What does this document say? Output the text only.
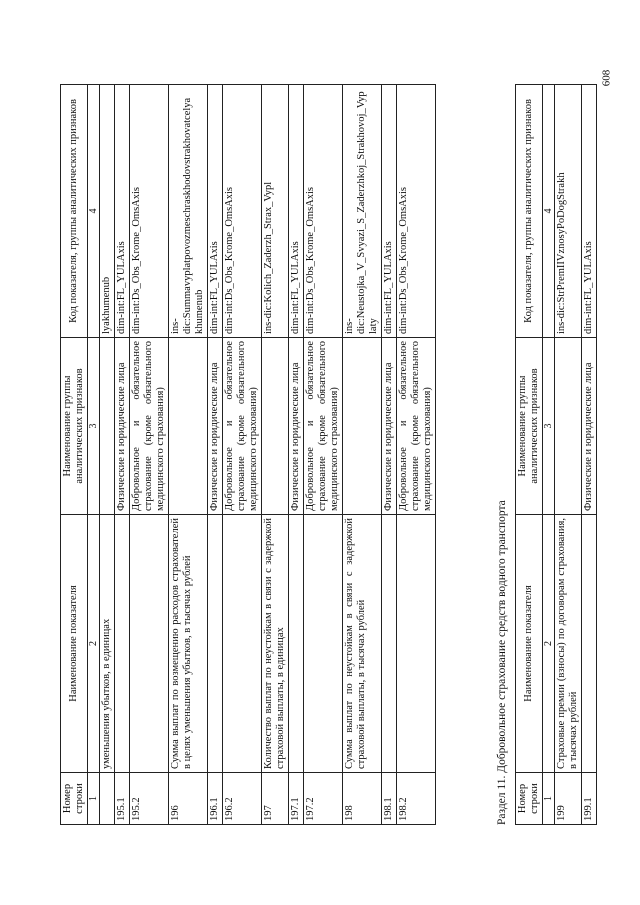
Номер строки	Наименование показателя	Наименование группы аналитических признаков	Код показателя, группы аналитических признаков
1	2	3	4
	уменьшения убытков, в единицах		lyakhumenub
195.1		Физические и юридические лица	dim-int:FL_YULAxis
195.2		Добровольное и обязательное страхование (кроме обязательного медицинского страхования)	dim-int:Ds_Obs_Krome_OmsAxis
196	Сумма выплат по возмещению расходов страхователей в целях уменьшения убытков, в тысячах рублей		ins-dic:Summavyplatpovozmeschraskhodovstrakhovatcelya khumenub
196.1		Физические и юридические лица	dim-int:FL_YULAxis
196.2		Добровольное и обязательное страхование (кроме обязательного медицинского страхования)	dim-int:Ds_Obs_Krome_OmsAxis
197	Количество выплат по неустойкам в связи с задержкой страховой выплаты, в единицах		ins-dic:Kolich_Zaderzh_Strax_Vypl
197.1		Физические и юридические лица	dim-int:FL_YULAxis
197.2		Добровольное и обязательное страхование (кроме обязательного медицинского страхования)	dim-int:Ds_Obs_Krome_OmsAxis
198	Сумма выплат по неустойкам в связи с задержкой страховой выплаты, в тысячах рублей		ins-dic:Neustojka_V_Svyazi_S_Zaderzhkoj_Strakhovoj_Vyp laty
198.1		Физические и юридические лица	dim-int:FL_YULAxis
198.2		Добровольное и обязательное страхование (кроме обязательного медицинского страхования)	dim-int:Ds_Obs_Krome_OmsAxis
Раздел 11. Добровольное страхование средств водного транспорта Номер строки	Наименование показателя	Наименование группы аналитических признаков	Код показателя, группы аналитических признаков
1	2	3	4
199	Страховые премии (взносы) по договорам страхования, в тысячах рублей		ins-dic:StrPremIIVznosyPoDogStrakh
199.1		Физические и юридические лица	dim-int:FL_YULAxis
608
